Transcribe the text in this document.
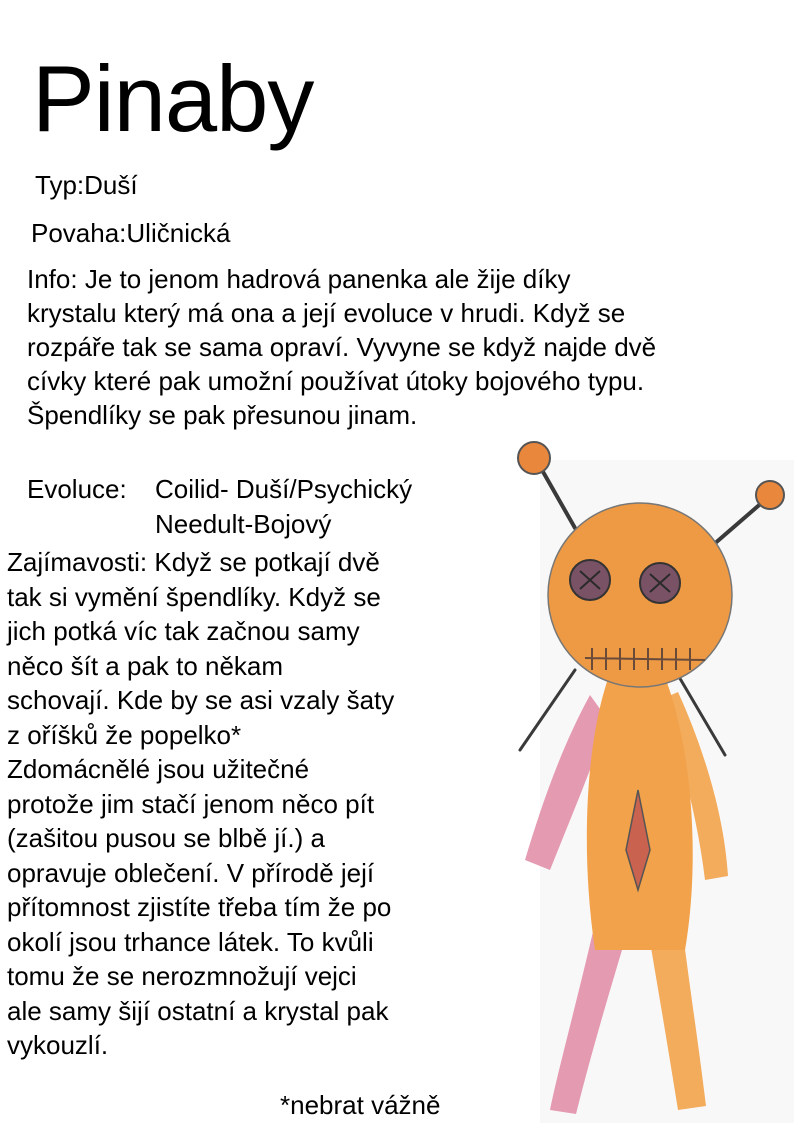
Pinaby
Typ:Duší
Povaha:Uličnická
Info: Je to jenom hadrová panenka ale žije díky
krystalu který má ona a její evoluce v hrudi. Když se
rozpáře tak se sama opraví. Vyvyne se když najde dvě
cívky které pak umožní používat útoky bojového typu.
Špendlíky se pak přesunou jinam.
Evoluce: Coilid- Duší/Psychický
Needult-Bojový
Zajímavosti: Když se potkají dvě
tak si vymění špendlíky. Když se
jich potká víc tak začnou samy
něco šít a pak to někam
schovají. Kde by se asi vzaly šaty
z oříšků že popelko*
Zdomácnělé jsou užitečné
protože jim stačí jenom něco pít
(zašitou pusou se blbě jí.) a
opravuje oblečení. V přírodě její
přítomnost zjistíte třeba tím že po
okolí jsou trhance látek. To kvůli
tomu že se nerozmnožují vejci
ale samy šijí ostatní a krystal pak
vykouzlí.
*nebrat vážně
